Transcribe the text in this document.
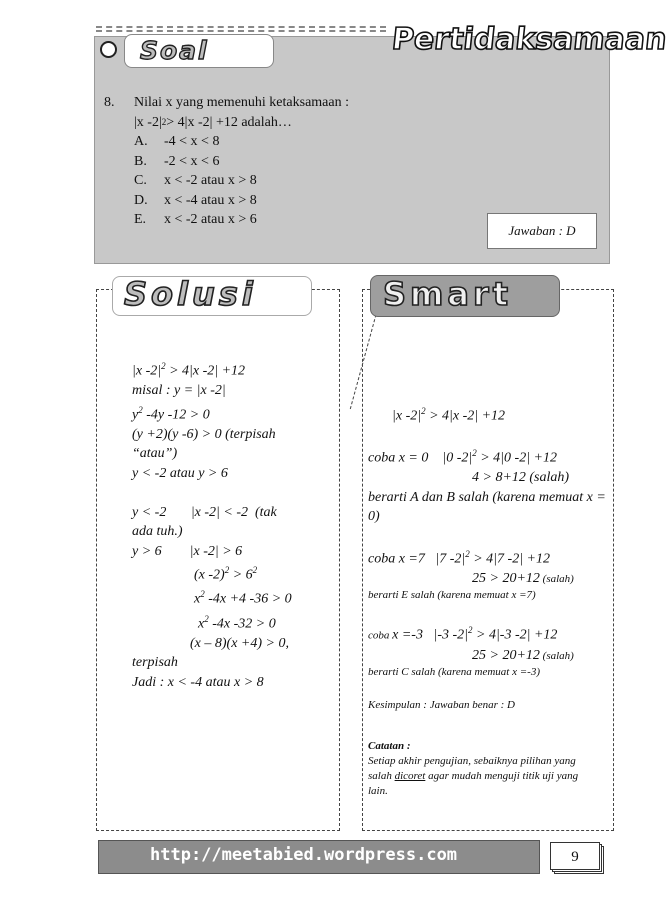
Soal	Pertidaksamaan
8.	Nilai x yang memenuhi ketaksamaan :
|x -2| 2 > 4|x -2| +12 adalah…
A.	-4 < x < 8
B.	-2 < x < 6
C.	x < -2 atau x > 8
D.	x < -4 atau x > 8
E.	x < -2 atau x > 6
Jawaban : D
Solusi	Smart
|x $-2|^2 > 4|x$ -2| +12
misal : y = |x -2|
$y^2$ -4y -12 > 0
(y +2)(y -6) > 0 (terpisah
“atau”)
y < -2 atau y > 6
y < -2       |x -2| < -2  (tak
ada tuh.)
y > 6        |x -2| > 6
(x $-2)^2 > 6^2$
$x^2$ -4x +4 -36 > 0
$x^2$ -4x -32 > 0
(x – 8)(x +4) > 0,
terpisah
Jadi : x < -4 atau x > 8
|x $-2|^2 > 4|x$ -2| +12
coba x = 0    |0 $-2|^2 > 4|0$ -2| +12
4 > 8+12 (salah)
berarti A dan B salah (karena memuat x = 0)
coba x =7   |7 $-2|^2 > 4|7$ -2| +12
25 > 20+12 (salah)
berarti E salah (karena memuat x =7)
coba x =-3   |-3 $-2|^2 > 4|-3$ -2| +12
25 > 20+12 (salah)
berarti C salah (karena memuat x =-3)
Kesimpulan : Jawaban benar : D
Catatan :
Setiap akhir pengujian, sebaiknya pilihan yang salah dicoret agar mudah menguji titik uji yang lain.
http://meetabied.wordpress.com	9
